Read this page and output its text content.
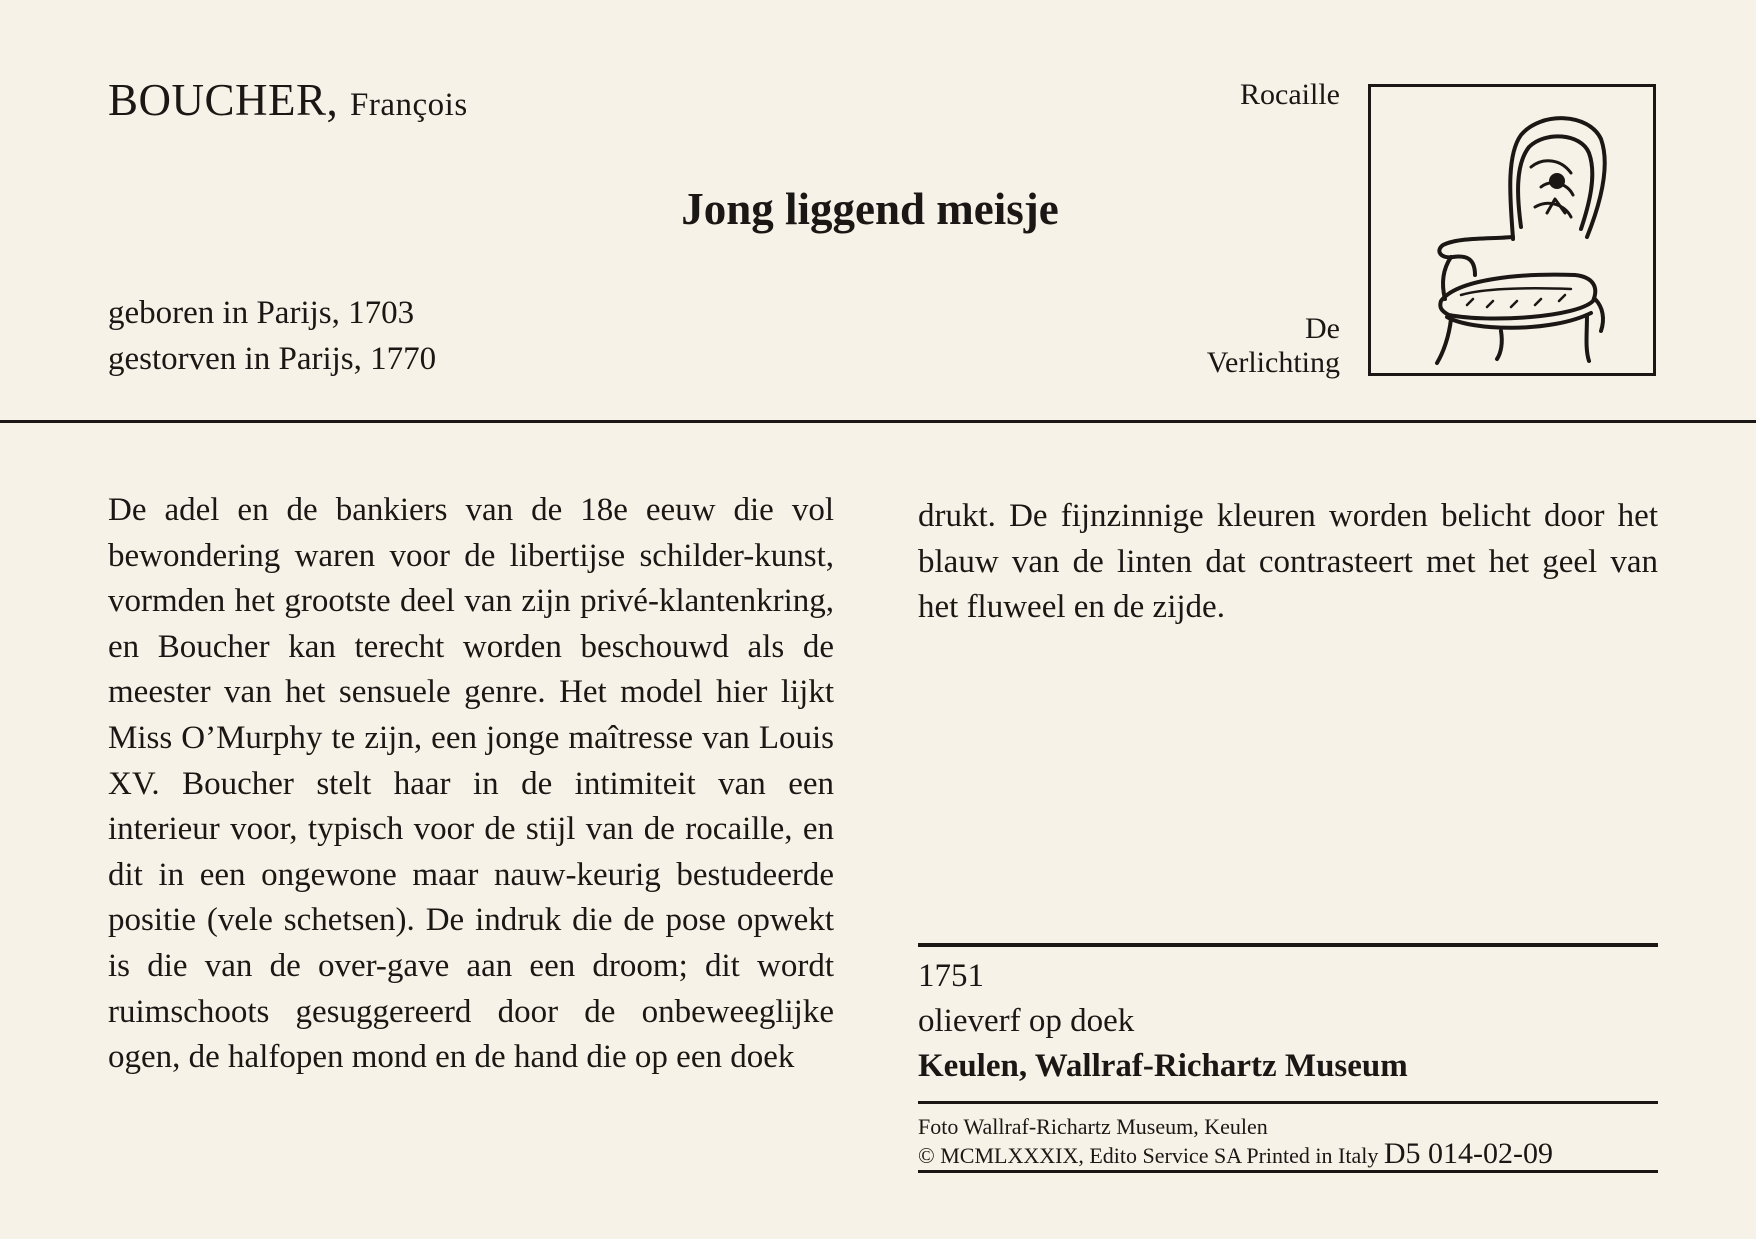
BOUCHER, François
Jong liggend meisje
geboren in Parijs, 1703
gestorven in Parijs, 1770
Rocaille
De
Verlichting

De adel en de bankiers van de 18e eeuw die vol bewondering waren voor de libertijse schilder-kunst, vormden het grootste deel van zijn privé-klantenkring, en Boucher kan terecht worden beschouwd als de meester van het sensuele genre. Het model hier lijkt Miss O’Murphy te zijn, een jonge maîtresse van Louis XV. Boucher stelt haar in de intimiteit van een interieur voor, typisch voor de stijl van de rocaille, en dit in een ongewone maar nauw-keurig bestudeerde positie (vele schetsen). De indruk die de pose opwekt is die van de over-gave aan een droom; dit wordt ruimschoots gesuggereerd door de onbeweeglijke ogen, de halfopen mond en de hand die op een doek

drukt. De fijnzinnige kleuren worden belicht door het blauw van de linten dat contrasteert met het geel van het fluweel en de zijde.

1751
olieverf op doek
Keulen, Wallraf-Richartz Museum
Foto Wallraf-Richartz Museum, Keulen
© MCMLXXXIX, Edito Service SA Printed in Italy D5 014-02-09
